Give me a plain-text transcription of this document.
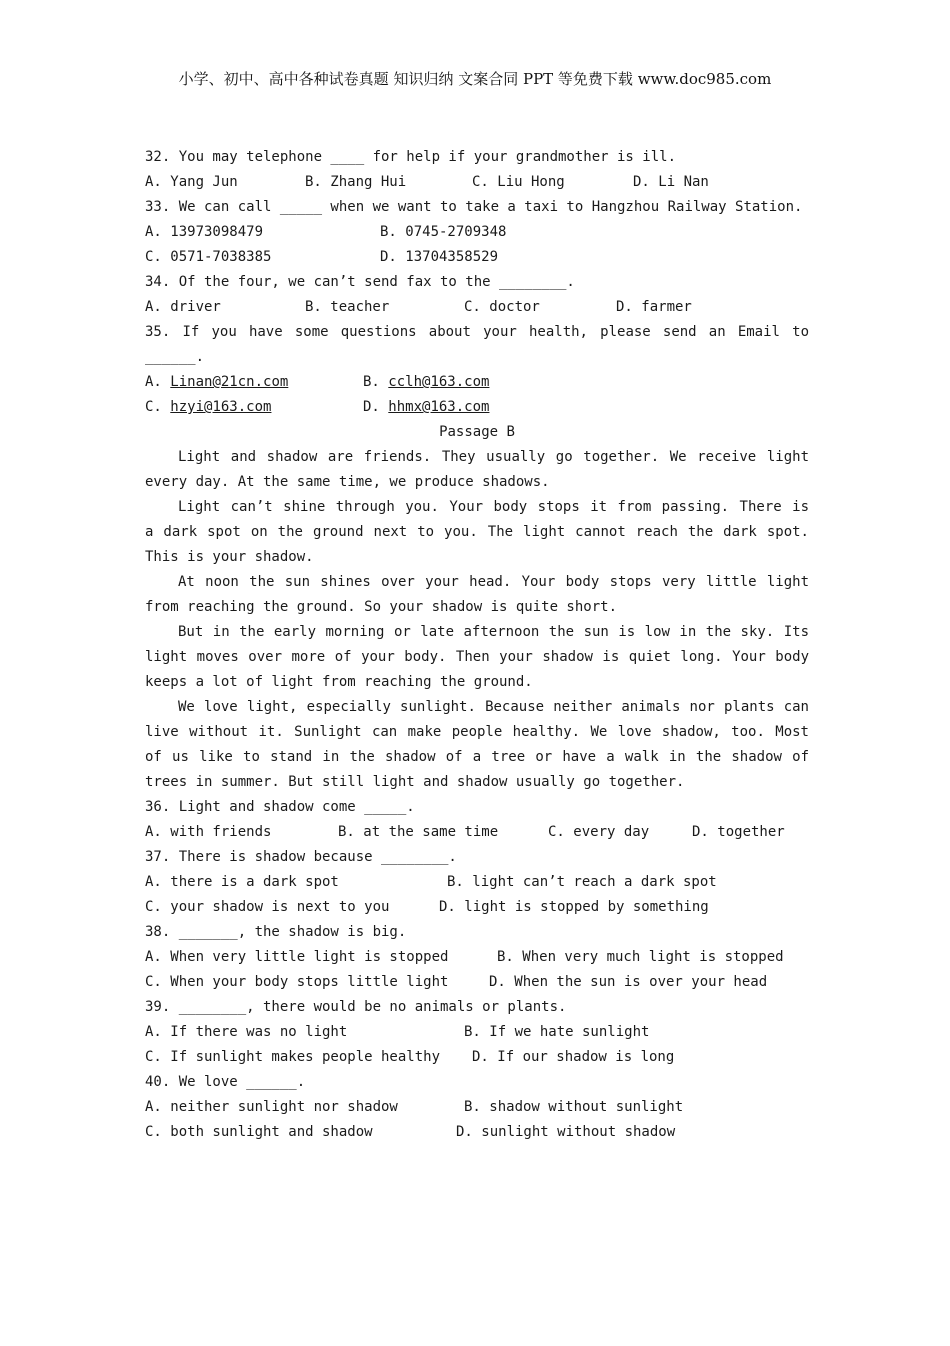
小学、初中、高中各种试卷真题 知识归纳 文案合同 PPT 等免费下载 www.doc985.com
32. You may telephone ____ for help if your grandmother is ill.
A. Yang Jun	B. Zhang Hui	C. Liu Hong	D. Li Nan
33. We can call _____ when we want to take a taxi to Hangzhou Railway Station.
A. 13973098479	B. 0745-2709348
C. 0571-7038385	D. 13704358529
34. Of the four, we can’t send fax to the ________.
A. driver	B. teacher	C. doctor	D. farmer
35. If you have some questions about your health, please send an Email to
______.
A. Linan@21cn.com	B. cclh@163.com
C. hzyi@163.com	D. hhmx@163.com
Passage B
Light and shadow are friends. They usually go together. We receive light
every day. At the same time, we produce shadows.
Light can’t shine through you. Your body stops it from passing. There is
a dark spot on the ground next to you. The light cannot reach the dark spot.
This is your shadow.
At noon the sun shines over your head. Your body stops very little light
from reaching the ground. So your shadow is quite short.
But in the early morning or late afternoon the sun is low in the sky. Its
light moves over more of your body. Then your shadow is quiet long. Your body
keeps a lot of light from reaching the ground.
We love light, especially sunlight. Because neither animals nor plants can
live without it. Sunlight can make people healthy. We love shadow, too. Most
of us like to stand in the shadow of a tree or have a walk in the shadow of
trees in summer. But still light and shadow usually go together.
36. Light and shadow come _____.
A. with friends	B. at the same time	C. every day	D. together
37. There is shadow because ________.
A. there is a dark spot	B. light can’t reach a dark spot
C. your shadow is next to you	D. light is stopped by something
38. _______, the shadow is big.
A. When very little light is stopped	B. When very much light is stopped
C. When your body stops little light	D. When the sun is over your head
39. ________, there would be no animals or plants.
A. If there was no light	B. If we hate sunlight
C. If sunlight makes people healthy D. If our shadow is long
40. We love ______.
A. neither sunlight nor shadow	B. shadow without sunlight
C. both sunlight and shadow	D. sunlight without shadow
